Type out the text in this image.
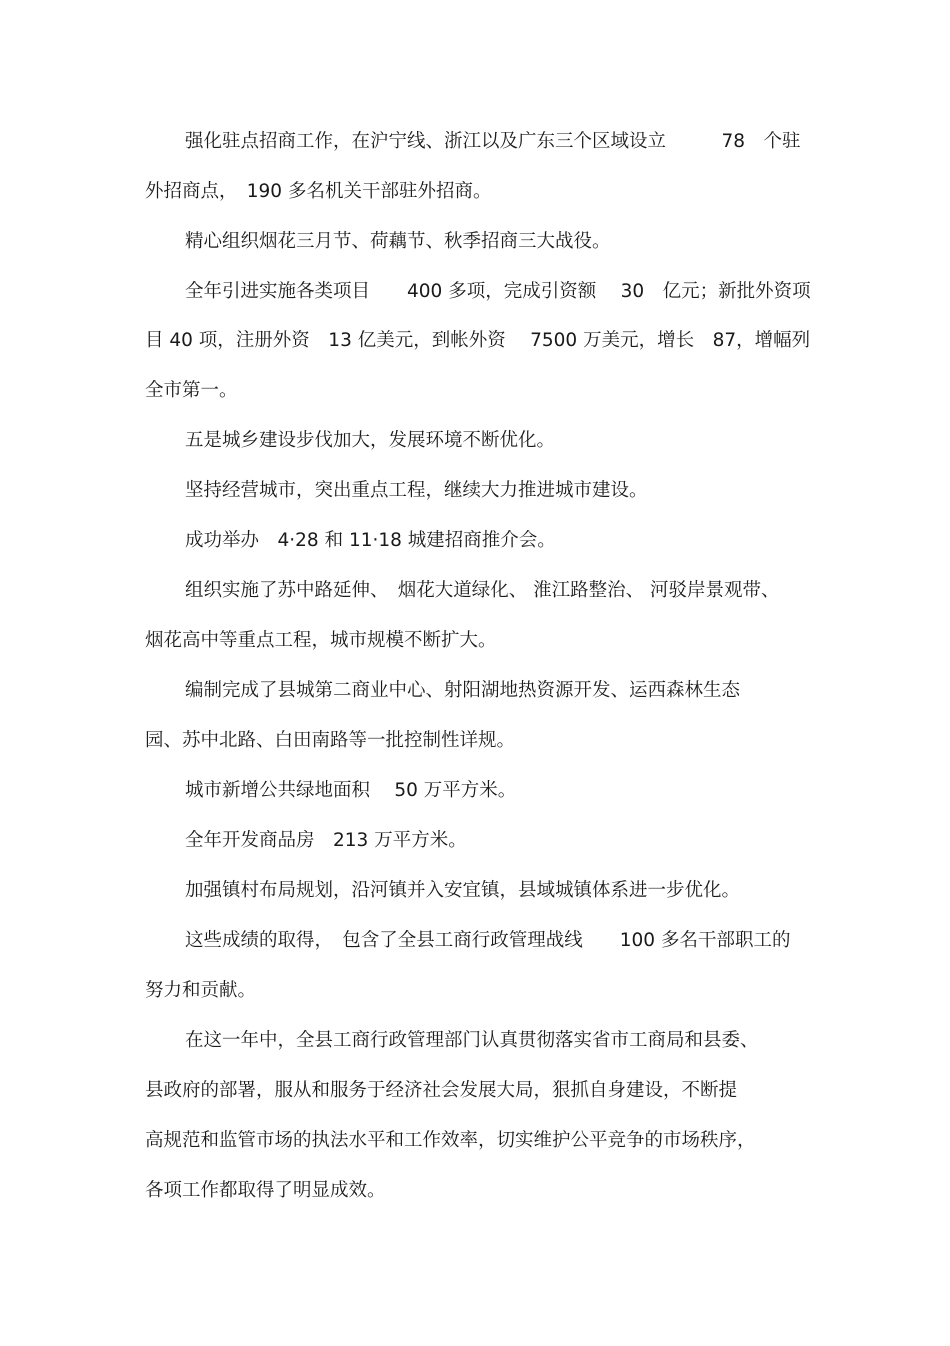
强化驻点招商工作，在沪宁线、浙江以及广东三个区域设立　　　78　个驻
外招商点，　190 多名机关干部驻外招商。
精心组织烟花三月节、荷藕节、秋季招商三大战役。
全年引进实施各类项目　　400 多项，完成引资额　 30　亿元；新批外资项
目 40 项，注册外资　13 亿美元，到帐外资　 7500 万美元，增长　87，增幅列
全市第一。
五是城乡建设步伐加大，发展环境不断优化。
坚持经营城市，突出重点工程，继续大力推进城市建设。
成功举办　4·28 和 11·18 城建招商推介会。
组织实施了苏中路延伸、　烟花大道绿化、 淮江路整治、 河驳岸景观带、
烟花高中等重点工程，城市规模不断扩大。
编制完成了县城第二商业中心、射阳湖地热资源开发、运西森林生态
园、苏中北路、白田南路等一批控制性详规。
城市新增公共绿地面积　 50 万平方米。
全年开发商品房　213 万平方米。
加强镇村布局规划，沿河镇并入安宜镇，县域城镇体系进一步优化。
这些成绩的取得，　包含了全县工商行政管理战线　　100 多名干部职工的
努力和贡献。
在这一年中，全县工商行政管理部门认真贯彻落实省市工商局和县委、
县政府的部署，服从和服务于经济社会发展大局，狠抓自身建设，不断提
高规范和监管市场的执法水平和工作效率，切实维护公平竞争的市场秩序，
各项工作都取得了明显成效。
